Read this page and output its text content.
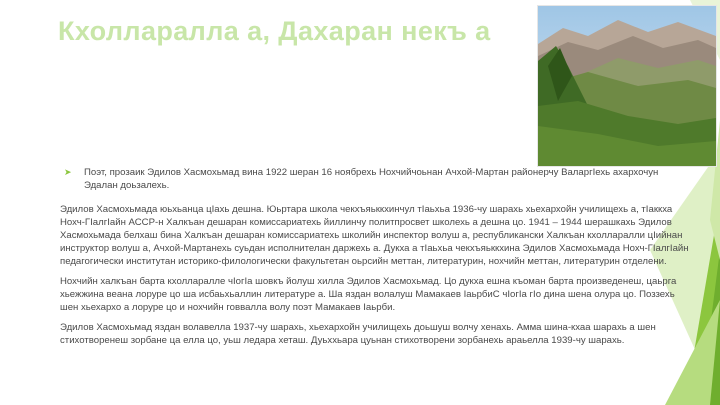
Кхолларалла а, Дахаран некъ а
➤ Поэт, прозаик Эдилов Хасмохьмад вина 1922 шеран 16 ноябрехь Нохчийчоьнан Ачхой-Мартан районерчу ВаларгIехь ахархочун Эдалан доьзалехь.

Эдилов Хасмохьмада юьхьанца цIахь дешна. Юьртара школа чекхъяьккхинчул тIаьхьа 1936-чу шарахь хьехархойн училищехь а, тIаккха Нохч-ГIалгIайн АССР-н Халкъан дешаран комиссариатехь йиллинчу политпросвет школехь а дешна цо. 1941 – 1944 шерашкахь Эдилов Хасмохьмада белхаш бина Халкъан дешаран комиссариатехь школийн инспектор волуш а, республикански Халкъан кхолларалли цIийнан инструктор волуш а, Ачхой-Мартанехь суьдан исполнителан даржехь а. Дукха а тIаьхьа чекхъяьккхина Эдилов Хасмохьмада Нохч-ГIалгIайн педагогически институтан историко-филологически факультетан оьрсийн меттан, литературин, нохчийн меттан, литературин отделени.

Нохчийн халкъан барта кхолларалле чIогIа шовкъ йолуш хилла Эдилов Хасмохьмад. Цо дукха ешна къоман барта произведенеш, цаьрга хьежжина веана лоруре цо ша исбаьхьаллин литературе а. Ша яздан волалуш Мамакаев IаьрбиС чIогIа гIо дина шена олура цо. Поззехь шен хьехархо а лоруре цо и нохчийн говвалла волу поэт Мамакаев Iаьрби.

Эдилов Хасмохьмад яздан волавелла 1937-чу шарахь, хьехархойн училищехь доьшуш волчу хенахь. Амма шина-кхаа шарахь а шен стихотворенеш зорбане ца елла цо, уьш ледара хеташ. Дуьххьара цуьнан стихотворени зорбанехь араьелла 1939-чу шарахь.
